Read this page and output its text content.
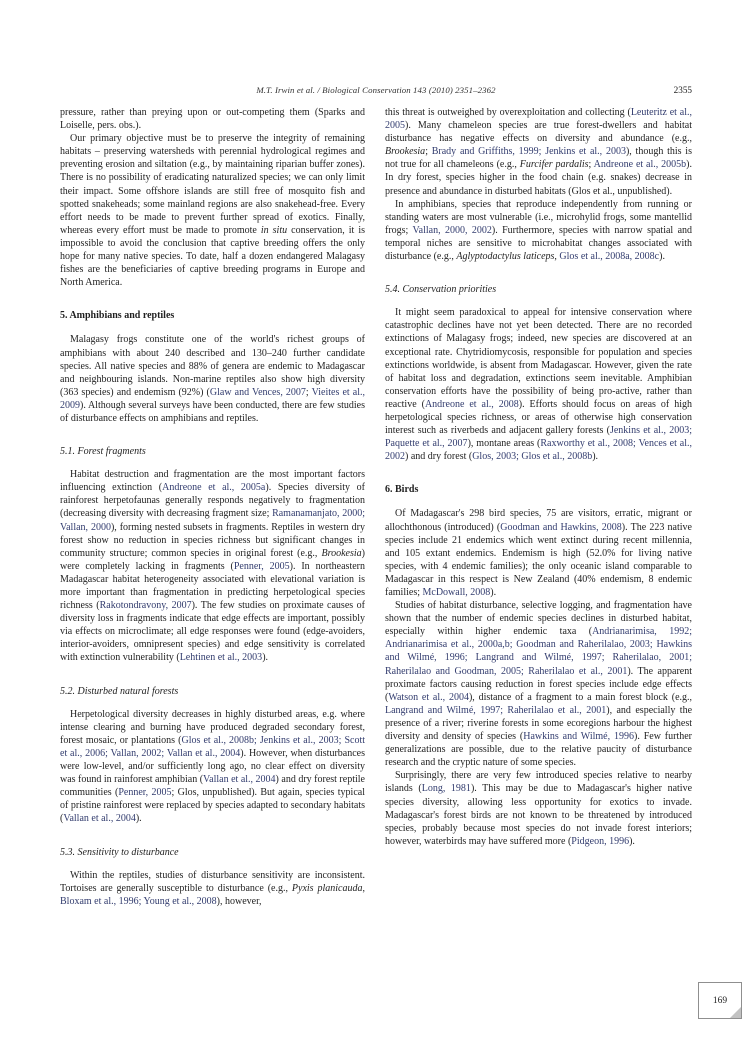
M.T. Irwin et al. / Biological Conservation 143 (2010) 2351–2362	2355

pressure, rather than preying upon or out-competing them (Sparks and Loiselle, pers. obs.).

Our primary objective must be to preserve the integrity of remaining habitats – preserving watersheds with perennial hydrological regimes and preventing erosion and siltation (e.g., by maintaining riparian buffer zones). There is no possibility of eradicating naturalized species; we can only limit their impact. Some offshore islands are still free of mosquito fish and spotted snakeheads; some mainland regions are also snakehead-free. Every effort needs to be made to prevent further spread of exotics. Finally, whereas every effort must be made to promote in situ conservation, it is impossible to avoid the conclusion that captive breeding offers the only hope for many native species. To date, half a dozen endangered Malagasy fishes are the beneficiaries of captive breeding programs in Europe and North America.

5. Amphibians and reptiles

Malagasy frogs constitute one of the world's richest groups of amphibians with about 240 described and 130–240 further candidate species. All native species and 88% of genera are endemic to Madagascar and neighbouring islands. Non-marine reptiles also show high diversity (363 species) and endemism (92%) (Glaw and Vences, 2007; Vieites et al., 2009). Although several surveys have been conducted, there are few studies of disturbance effects on amphibians and reptiles.

5.1. Forest fragments

Habitat destruction and fragmentation are the most important factors influencing extinction (Andreone et al., 2005a). Species diversity of rainforest herpetofaunas generally responds negatively to fragmentation (decreasing diversity with decreasing fragment size; Ramanamanjato, 2000; Vallan, 2000), forming nested subsets in fragments. Reptiles in western dry forest show no reduction in species richness but significant changes in community structure; common species in original forest (e.g., Brookesia) were completely lacking in fragments (Penner, 2005). In northeastern Madagascar habitat heterogeneity associated with elevational variation is more important than fragmentation in predicting herpetological species richness (Rakotondravony, 2007). The few studies on proximate causes of diversity loss in fragments indicate that edge effects are important, possibly via effects on microclimate; all edge responses were found (edge-avoiders, interior-avoiders, omnipresent species) and edge sensitivity is correlated with extinction vulnerability (Lehtinen et al., 2003).

5.2. Disturbed natural forests

Herpetological diversity decreases in highly disturbed areas, e.g. where intense clearing and burning have produced degraded secondary forest, forest mosaic, or plantations (Glos et al., 2008b; Jenkins et al., 2003; Scott et al., 2006; Vallan, 2002; Vallan et al., 2004). However, when disturbances were low-level, and/or sufficiently long ago, no clear effect on diversity was found in rainforest amphibian (Vallan et al., 2004) and dry forest reptile communities (Penner, 2005; Glos, unpublished). But again, species typical of pristine rainforest were replaced by species adapted to secondary habitats (Vallan et al., 2004).

5.3. Sensitivity to disturbance

Within the reptiles, studies of disturbance sensitivity are inconsistent. Tortoises are generally susceptible to disturbance (e.g., Pyxis planicauda, Bloxam et al., 1996; Young et al., 2008), however,

this threat is outweighed by overexploitation and collecting (Leuteritz et al., 2005). Many chameleon species are true forest-dwellers and habitat disturbance has negative effects on diversity and abundance (e.g., Brookesia; Brady and Griffiths, 1999; Jenkins et al., 2003), though this is not true for all chameleons (e.g., Furcifer pardalis; Andreone et al., 2005b). In dry forest, species higher in the food chain (e.g. snakes) decrease in presence and abundance in disturbed habitats (Glos et al., unpublished).

In amphibians, species that reproduce independently from running or standing waters are most vulnerable (i.e., microhylid frogs, some mantellid frogs; Vallan, 2000, 2002). Furthermore, species with narrow spatial and temporal niches are sensitive to microhabitat changes associated with disturbance (e.g., Aglyptodactylus laticeps, Glos et al., 2008a, 2008c).

5.4. Conservation priorities

It might seem paradoxical to appeal for intensive conservation where catastrophic declines have not yet been detected. There are no recorded extinctions of Malagasy frogs; indeed, new species are discovered at an exceptional rate. Chytridiomycosis, responsible for population and species extinctions worldwide, is absent from Madagascar. However, given the rate of habitat loss and degradation, extinctions seem inevitable. Amphibian conservation efforts have the possibility of being pro-active, rather than reactive (Andreone et al., 2008). Efforts should focus on areas of high herpetological species richness, or areas of otherwise high conservation interest such as riverbeds and adjacent gallery forests (Jenkins et al., 2003; Paquette et al., 2007), montane areas (Raxworthy et al., 2008; Vences et al., 2002) and dry forest (Glos, 2003; Glos et al., 2008b).

6. Birds

Of Madagascar's 298 bird species, 75 are visitors, erratic, migrant or allochthonous (introduced) (Goodman and Hawkins, 2008). The 223 native species include 21 endemics which went extinct during recent millennia, and 105 extant endemics. Endemism is high (52.0% for living native species, with 4 endemic families); the only oceanic island comparable to Madagascar in this respect is New Zealand (40% endemism, 8 endemic families; McDowall, 2008).

Studies of habitat disturbance, selective logging, and fragmentation have shown that the number of endemic species declines in disturbed habitat, especially within higher endemic taxa (Andrianarimisa, 1992; Andrianarimisa et al., 2000a,b; Goodman and Raherilalao, 2003; Hawkins and Wilmé, 1996; Langrand and Wilmé, 1997; Raherilalao, 2001; Raherilalao and Goodman, 2005; Raherilalao et al., 2001). The apparent proximate factors causing reduction in forest species include edge effects (Watson et al., 2004), distance of a fragment to a main forest block (e.g., Langrand and Wilmé, 1997; Raherilalao et al., 2001), and especially the presence of a river; riverine forests in some ecoregions harbour the highest diversity and density of species (Hawkins and Wilmé, 1996). Few further generalizations are possible, due to the relative paucity of disturbance research and the cryptic nature of some species.

Surprisingly, there are very few introduced species relative to nearby islands (Long, 1981). This may be due to Madagascar's higher native species diversity, allowing less opportunity for exotics to invade. Madagascar's forest birds are not known to be threatened by introduced species, probably because most species do not invade forest interiors; however, waterbirds may have suffered more (Pidgeon, 1996).

169
